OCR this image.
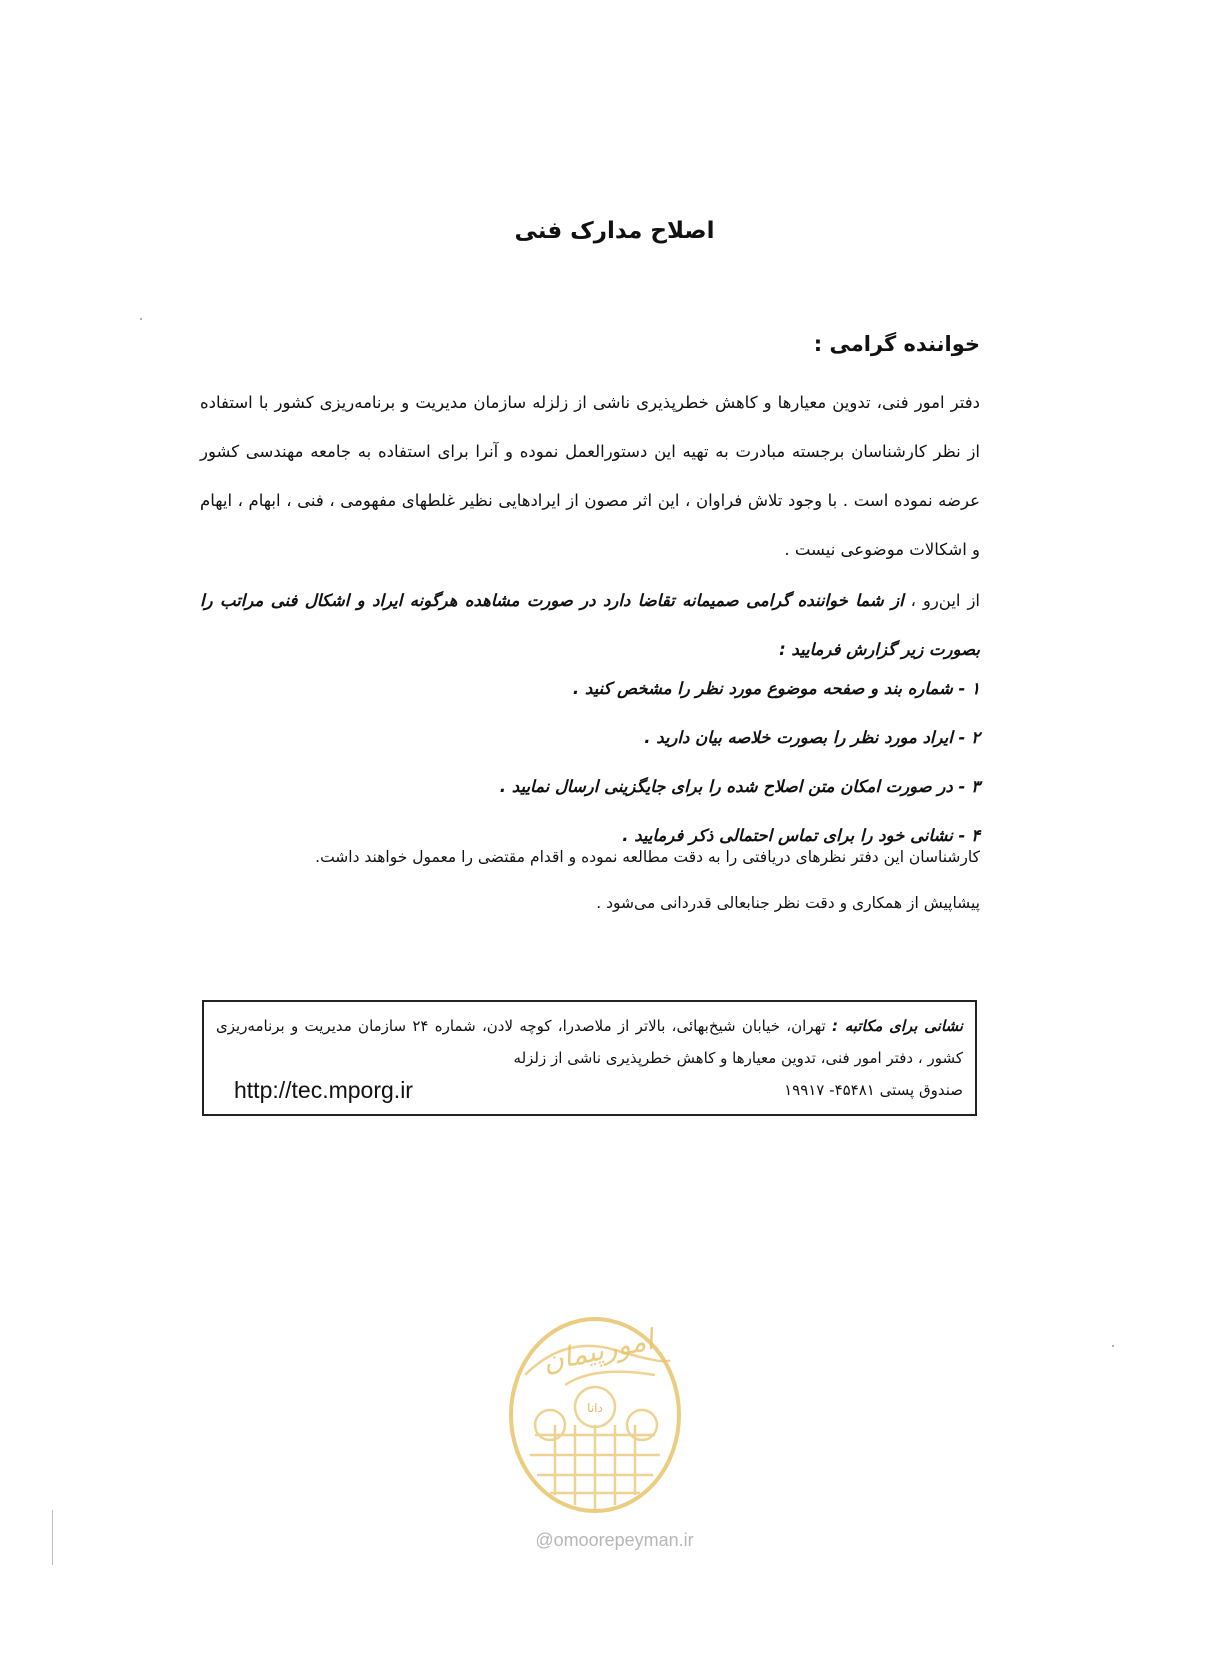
اصلاح مدارک فنی
خواننده گرامی :
دفتر امور فنی، تدوین معیارها و کاهش خطرپذیری ناشی از زلزله سازمان مدیریت و برنامه‌ریزی کشور با استفاده از نظر کارشناسان برجسته مبادرت به تهیه این دستورالعمل نموده و آنرا برای استفاده به جامعه مهندسی کشور عرضه نموده است . با وجود تلاش فراوان ، این اثر مصون از ایرادهایی نظیر غلطهای مفهومی ، فنی ، ابهام ، ایهام و اشکالات موضوعی نیست .
از این‌رو ، از شما خواننده گرامی صمیمانه تقاضا دارد در صورت مشاهده هرگونه ایراد و اشکال فنی مراتب را بصورت زیر گزارش فرمایید :
۱ - شماره بند و صفحه موضوع مورد نظر را مشخص کنید .
۲ - ایراد مورد نظر را بصورت خلاصه بیان دارید .
۳ - در صورت امکان متن اصلاح شده را برای جایگزینی ارسال نمایید .
۴ - نشانی خود را برای تماس احتمالی ذکر فرمایید .
کارشناسان این دفتر نظرهای دریافتی را به دقت مطالعه نموده و اقدام مقتضی را معمول خواهند داشت.
پیشاپیش از همکاری و دقت نظر جنابعالی قدردانی می‌شود .
نشانی برای مکاتبه : تهران، خیابان شیخ‌بهائی، بالاتر از ملاصدرا، کوچه لادن، شماره ۲۴ سازمان مدیریت و برنامه‌ریزی کشور ، دفتر امور فنی، تدوین معیارها و کاهش خطرپذیری ناشی از زلزله
صندوق پستی ۴۵۴۸۱- ۱۹۹۱۷
http://tec.mporg.ir
دانا
امورپیمان
@omoorepeyman.ir
